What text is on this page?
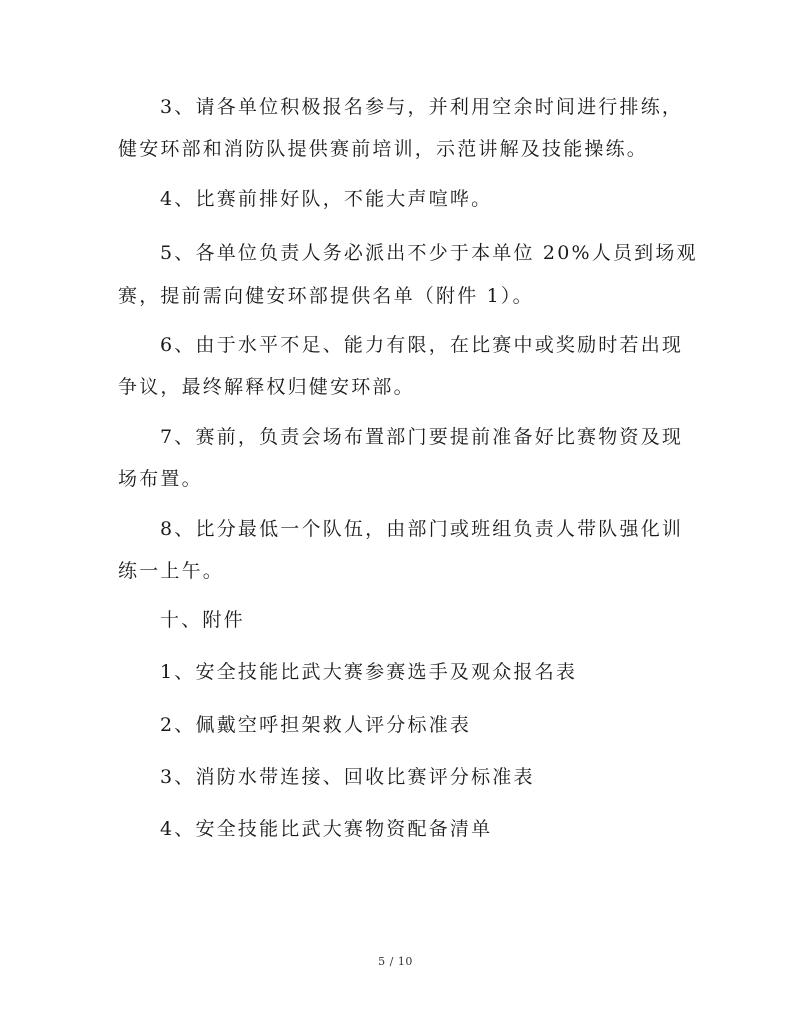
3、请各单位积极报名参与，并利用空余时间进行排练，
健安环部和消防队提供赛前培训，示范讲解及技能操练。
4、比赛前排好队，不能大声喧哗。
5、各单位负责人务必派出不少于本单位 20%人员到场观
赛，提前需向健安环部提供名单（附件 1）。
6、由于水平不足、能力有限，在比赛中或奖励时若出现
争议，最终解释权归健安环部。
7、赛前，负责会场布置部门要提前准备好比赛物资及现
场布置。
8、比分最低一个队伍，由部门或班组负责人带队强化训
练一上午。
十、附件
1、安全技能比武大赛参赛选手及观众报名表
2、佩戴空呼担架救人评分标准表
3、消防水带连接、回收比赛评分标准表
4、安全技能比武大赛物资配备清单
5 / 10
